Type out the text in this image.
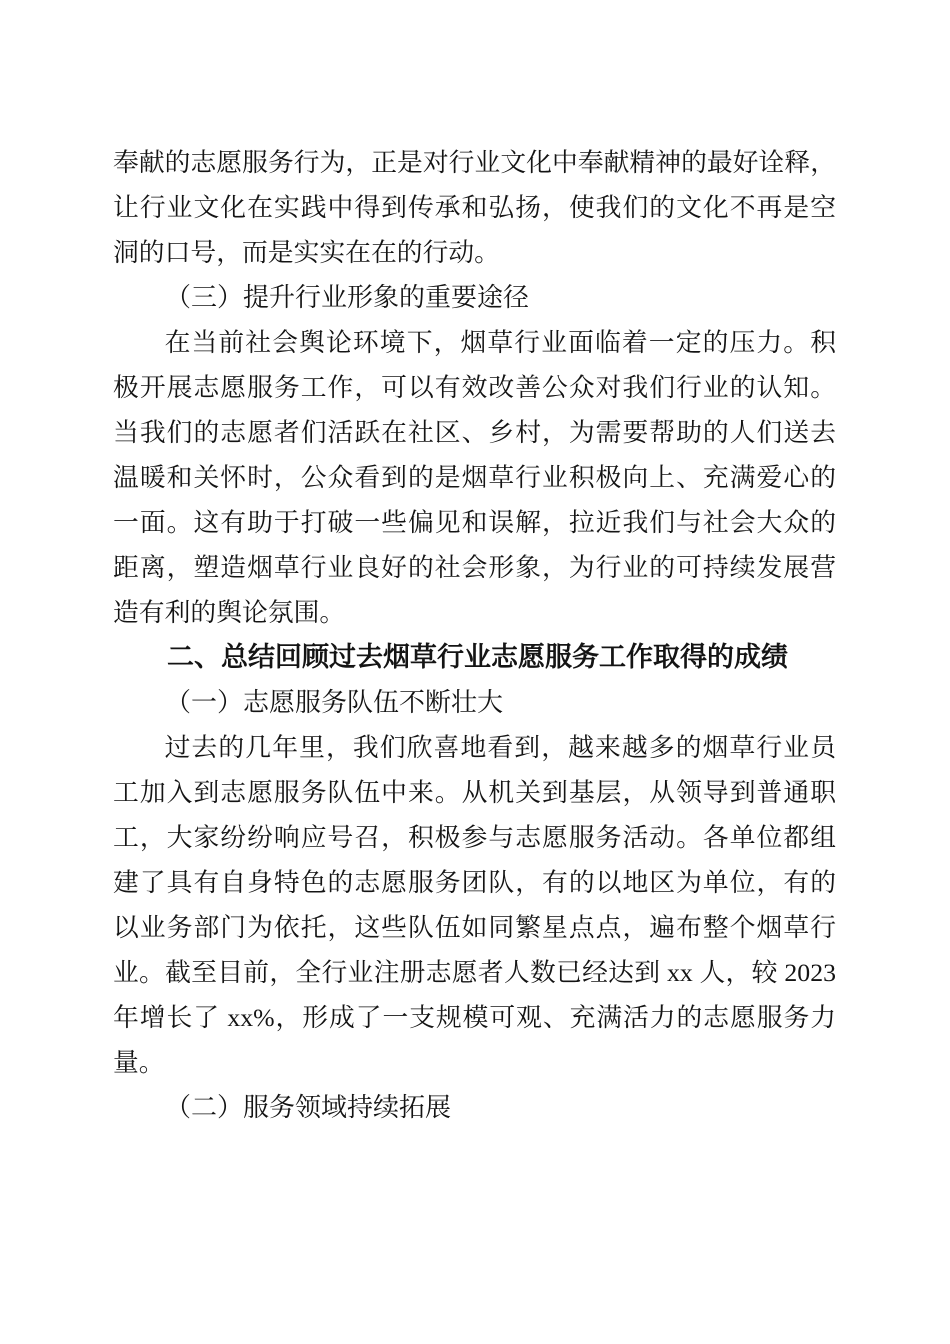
奉献的志愿服务行为，正是对行业文化中奉献精神的最好诠释，
让行业文化在实践中得到传承和弘扬，使我们的文化不再是空
洞的口号，而是实实在在的行动。
（三）提升行业形象的重要途径
在当前社会舆论环境下，烟草行业面临着一定的压力。积
极开展志愿服务工作，可以有效改善公众对我们行业的认知。
当我们的志愿者们活跃在社区、乡村，为需要帮助的人们送去
温暖和关怀时，公众看到的是烟草行业积极向上、充满爱心的
一面。这有助于打破一些偏见和误解，拉近我们与社会大众的
距离，塑造烟草行业良好的社会形象，为行业的可持续发展营
造有利的舆论氛围。
二、总结回顾过去烟草行业志愿服务工作取得的成绩
（一）志愿服务队伍不断壮大
过去的几年里，我们欣喜地看到，越来越多的烟草行业员
工加入到志愿服务队伍中来。从机关到基层，从领导到普通职
工，大家纷纷响应号召，积极参与志愿服务活动。各单位都组
建了具有自身特色的志愿服务团队，有的以地区为单位，有的
以业务部门为依托，这些队伍如同繁星点点，遍布整个烟草行
业。截至目前，全行业注册志愿者人数已经达到 xx 人，较 2023
年增长了 xx%，形成了一支规模可观、充满活力的志愿服务力
量。
（二）服务领域持续拓展
